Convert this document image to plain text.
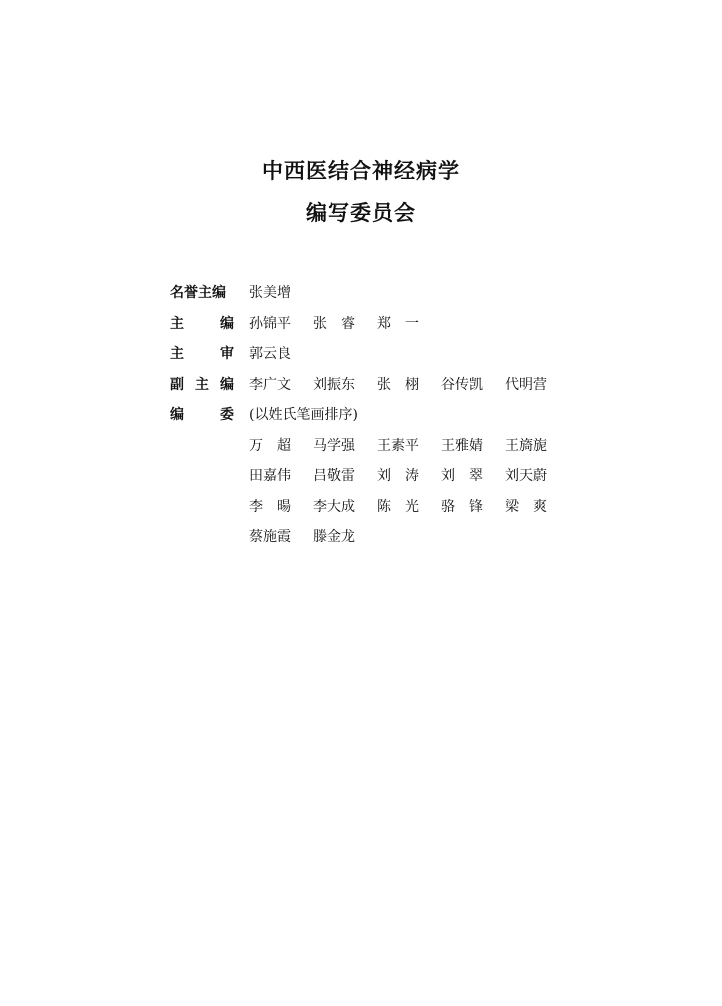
中西医结合神经病学
编写委员会
名誉主编 张美增
主	编 孙锦平	张　睿	郑　一
主	审 郭云良
副 主 编 李广文	刘振东	张　栩	谷传凯	代明营
编	委 (以姓氏笔画排序)
万　超	马学强	王素平	王雅婧	王旖旎
田嘉伟	吕敬雷	刘　涛	刘　翠	刘天蔚
李　暘	李大成	陈　光	骆　锋	梁　爽
蔡施霞	滕金龙
